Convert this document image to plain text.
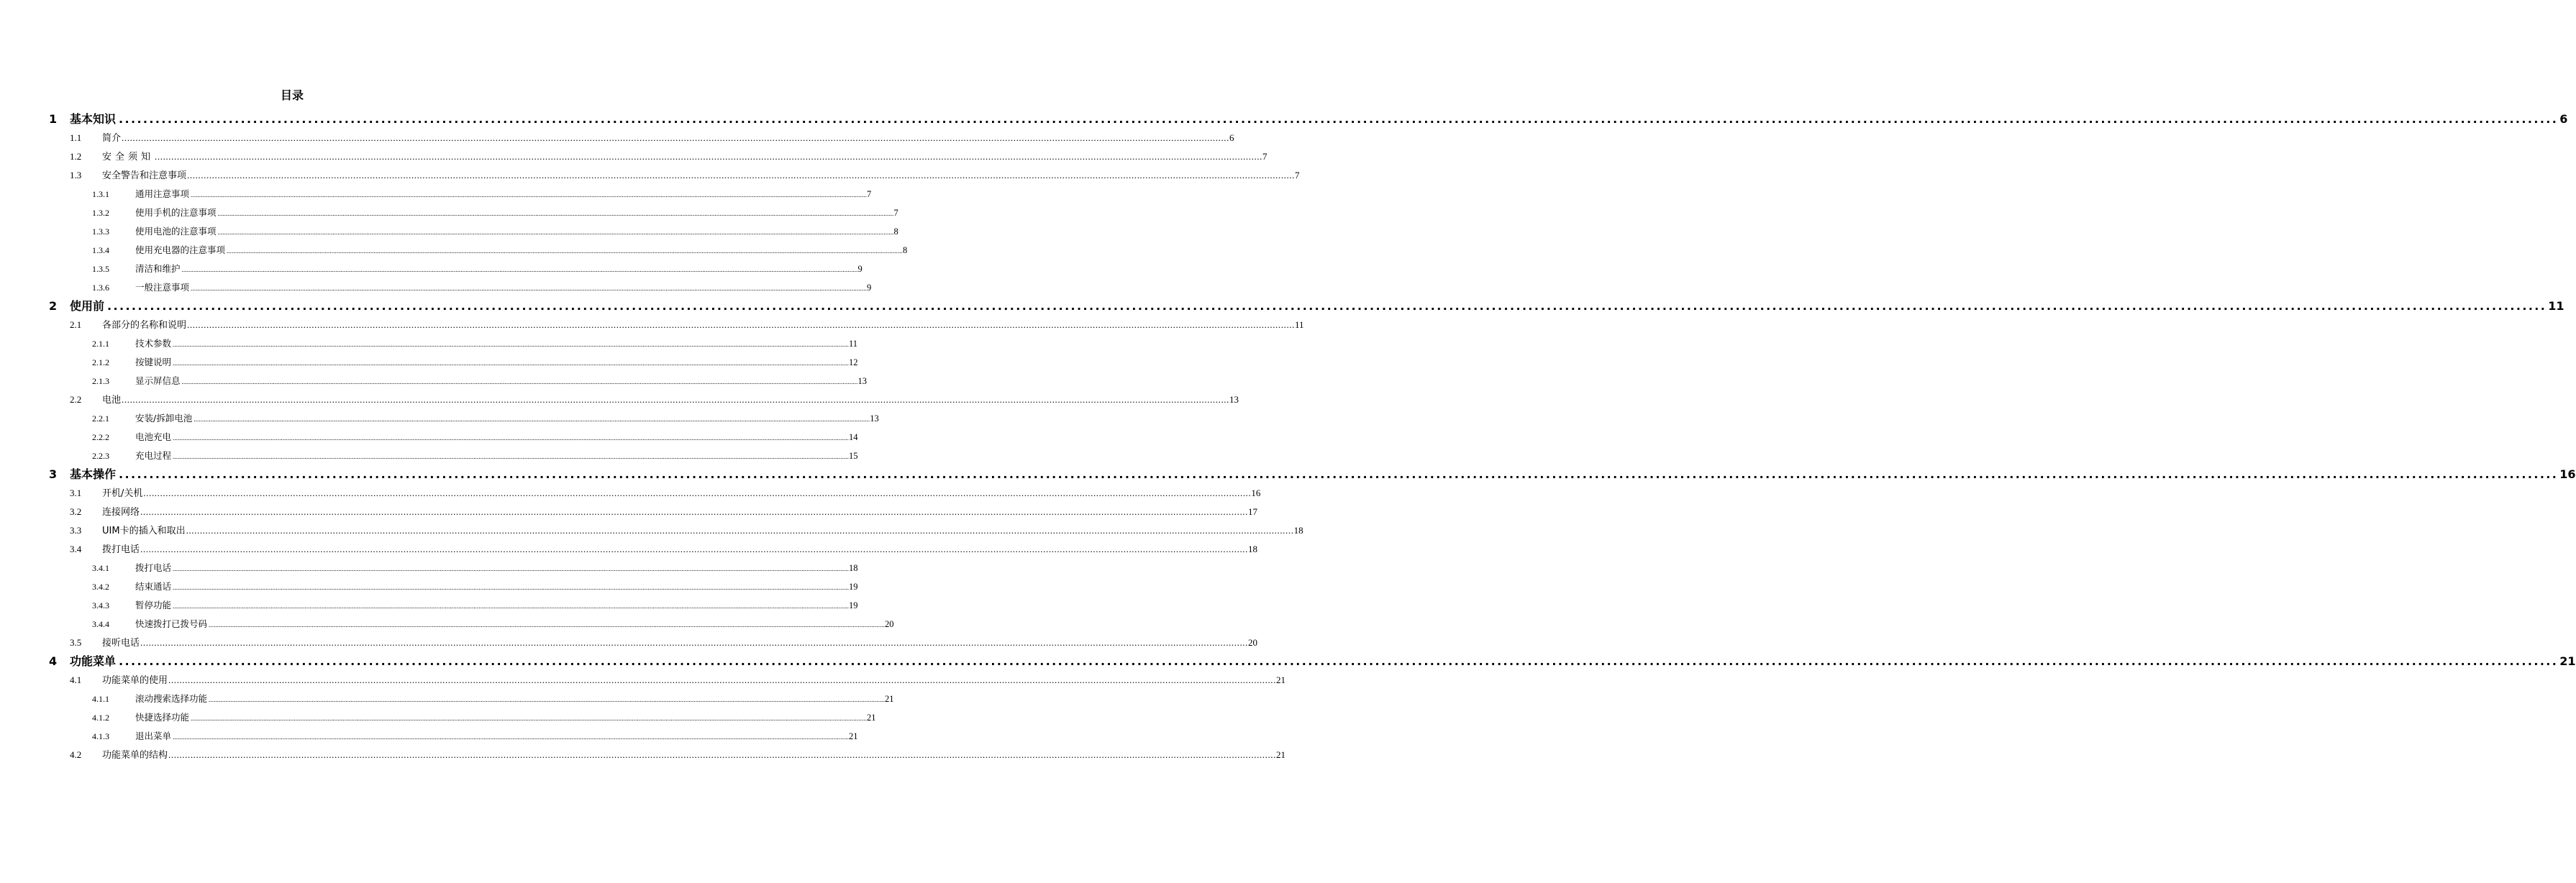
目录
1	基本知识 ................................................................................................................................................................................................................................................................................................................................................................................................................ 6
1.1	简介 ................................................................................................................................................................................................................................................................................................................................................................................................................ 6
1.2	安全须知 ................................................................................................................................................................................................................................................................................................................................................................................................................ 7
1.3	安全警告和注意事项 ................................................................................................................................................................................................................................................................................................................................................................................................................ 7
1.3.1	通用注意事项 ................................................................................................................................................................................................................................................................................................................................................................................................................ 7
1.3.2	使用手机的注意事项 ................................................................................................................................................................................................................................................................................................................................................................................................................ 7
1.3.3	使用电池的注意事项 ................................................................................................................................................................................................................................................................................................................................................................................................................ 8
1.3.4	使用充电器的注意事项 ................................................................................................................................................................................................................................................................................................................................................................................................................ 8
1.3.5	清洁和维护 ................................................................................................................................................................................................................................................................................................................................................................................................................ 9
1.3.6	一般注意事项 ................................................................................................................................................................................................................................................................................................................................................................................................................ 9
2	使用前 ................................................................................................................................................................................................................................................................................................................................................................................................................ 11
2.1	各部分的名称和说明 ................................................................................................................................................................................................................................................................................................................................................................................................................ 11
2.1.1	技术参数 ................................................................................................................................................................................................................................................................................................................................................................................................................ 11
2.1.2	按键说明 ................................................................................................................................................................................................................................................................................................................................................................................................................ 12
2.1.3	显示屏信息 ................................................................................................................................................................................................................................................................................................................................................................................................................ 13
2.2	电池 ................................................................................................................................................................................................................................................................................................................................................................................................................ 13
2.2.1	安装/拆卸电池 ................................................................................................................................................................................................................................................................................................................................................................................................................ 13
2.2.2	电池充电 ................................................................................................................................................................................................................................................................................................................................................................................................................ 14
2.2.3	充电过程 ................................................................................................................................................................................................................................................................................................................................................................................................................ 15
3	基本操作 ................................................................................................................................................................................................................................................................................................................................................................................................................ 16
3.1	开机/关机 ................................................................................................................................................................................................................................................................................................................................................................................................................ 16
3.2	连接网络 ................................................................................................................................................................................................................................................................................................................................................................................................................ 17
3.3	UIM卡的插入和取出 ................................................................................................................................................................................................................................................................................................................................................................................................................ 18
3.4	拨打电话 ................................................................................................................................................................................................................................................................................................................................................................................................................ 18
3.4.1	拨打电话 ................................................................................................................................................................................................................................................................................................................................................................................................................ 18
3.4.2	结束通话 ................................................................................................................................................................................................................................................................................................................................................................................................................ 19
3.4.3	暂停功能 ................................................................................................................................................................................................................................................................................................................................................................................................................ 19
3.4.4	快速拨打已拨号码 ................................................................................................................................................................................................................................................................................................................................................................................................................ 20
3.5	接听电话 ................................................................................................................................................................................................................................................................................................................................................................................................................ 20
4	功能菜单 ................................................................................................................................................................................................................................................................................................................................................................................................................ 21
4.1	功能菜单的使用 ................................................................................................................................................................................................................................................................................................................................................................................................................ 21
4.1.1	滚动搜索选择功能 ................................................................................................................................................................................................................................................................................................................................................................................................................ 21
4.1.2	快捷选择功能 ................................................................................................................................................................................................................................................................................................................................................................................................................ 21
4.1.3	退出菜单 ................................................................................................................................................................................................................................................................................................................................................................................................................ 21
4.2	功能菜单的结构 ................................................................................................................................................................................................................................................................................................................................................................................................................ 21
